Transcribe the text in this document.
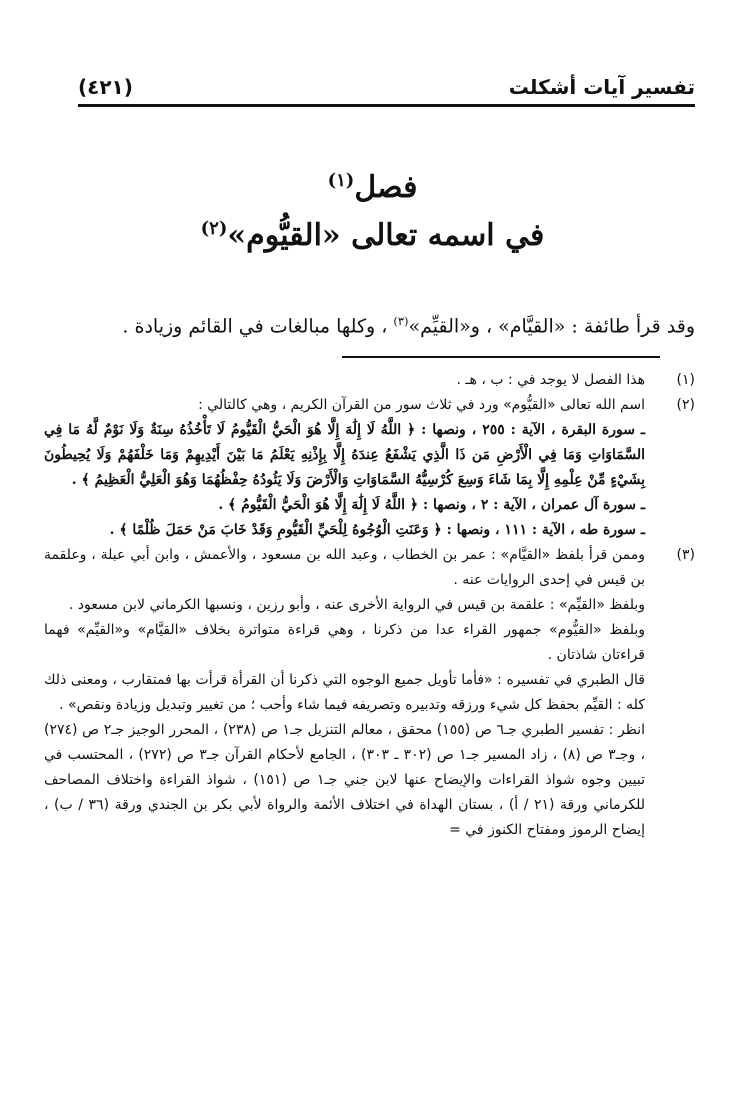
تفسير آيات أشكلت
(٤٢١)
فصل$^{(١)}$
في اسمه تعالى «القيُّوم»$^{(٢)}$
وقد قرأ طائفة : «القيَّام» ، و«القيِّم»$^{(٣)}$ ، وكلها مبالغات في القائم وزيادة .
(١)

هذا الفصل لا يوجد في : ب ، هـ .

(٢)

اسم الله تعالى «القيُّوم» ورد في ثلاث سور من القرآن الكريم ، وهي كالتالي :

ـ سورة البقرة ، الآية : ٢٥٥ ، ونصها : ﴿ اللَّهُ لَا إِلَٰهَ إِلَّا هُوَ الْحَيُّ الْقَيُّومُ لَا تَأْخُذُهُ سِنَةٌ وَلَا نَوْمٌ لَّهُ مَا فِي السَّمَاوَاتِ وَمَا فِي الْأَرْضِ مَن ذَا الَّذِي يَشْفَعُ عِندَهُ إِلَّا بِإِذْنِهِ يَعْلَمُ مَا بَيْنَ أَيْدِيهِمْ وَمَا خَلْفَهُمْ وَلَا يُحِيطُونَ بِشَيْءٍ مِّنْ عِلْمِهِ إِلَّا بِمَا شَاءَ وَسِعَ كُرْسِيُّهُ السَّمَاوَاتِ وَالْأَرْضَ وَلَا يَئُودُهُ حِفْظُهُمَا وَهُوَ الْعَلِيُّ الْعَظِيمُ ﴾ .

ـ سورة آل عمران ، الآية : ٢ ، ونصها : ﴿ اللَّهُ لَا إِلَٰهَ إِلَّا هُوَ الْحَيُّ الْقَيُّومُ ﴾ .

ـ سورة طه ، الآية : ١١١ ، ونصها : ﴿ وَعَنَتِ الْوُجُوهُ لِلْحَيِّ الْقَيُّومِ وَقَدْ خَابَ مَنْ حَمَلَ ظُلْمًا ﴾ .

(٣)

وممن قرأ بلفظ «القيَّام» : عمر بن الخطاب ، وعبد الله بن مسعود ، والأعمش ، وابن أبي عبلة ، وعلقمة بن قيس في إحدى الروايات عنه .

وبلفظ «القيِّم» : علقمة بن قيس في الرواية الأخرى عنه ، وأبو رزين ، ونسبها الكرماني لابن مسعود .

وبلفظ «القيُّوم» جمهور القراء عدا من ذكرنا ، وهي قراءة متواترة بخلاف «القيَّام» و«القيِّم» فهما قراءتان شاذتان .

قال الطبري في تفسيره : «فأما تأويل جميع الوجوه التي ذكرنا أن القرأة قرأت بها فمتقارب ، ومعنى ذلك كله : القيِّم بحفظ كل شيء ورزقه وتدبيره وتصريفه فيما شاء وأحب ؛ من تغيير وتبديل وزيادة ونقص» .

انظر : تفسير الطبري جـ٦ ص (١٥٥) محقق ، معالم التنزيل جـ١ ص (٢٣٨) ، المحرر الوجيز جـ٢ ص (٢٧٤) ، وجـ٣ ص (٨) ، زاد المسير جـ١ ص (٣٠٢ ـ ٣٠٣) ، الجامع لأحكام القرآن جـ٣ ص (٢٧٢) ، المحتسب في تبيين وجوه شواذ القراءات والإيضاح عنها لابن جني جـ١ ص (١٥١) ، شواذ القراءة واختلاف المصاحف للكرماني ورقة (٢١ / أ) ، بستان الهداة في اختلاف الأئمة والرواة لأبي بكر بن الجندي ورقة (٣٦ / ب) ، إيضاح الرموز ومفتاح الكنوز في =
